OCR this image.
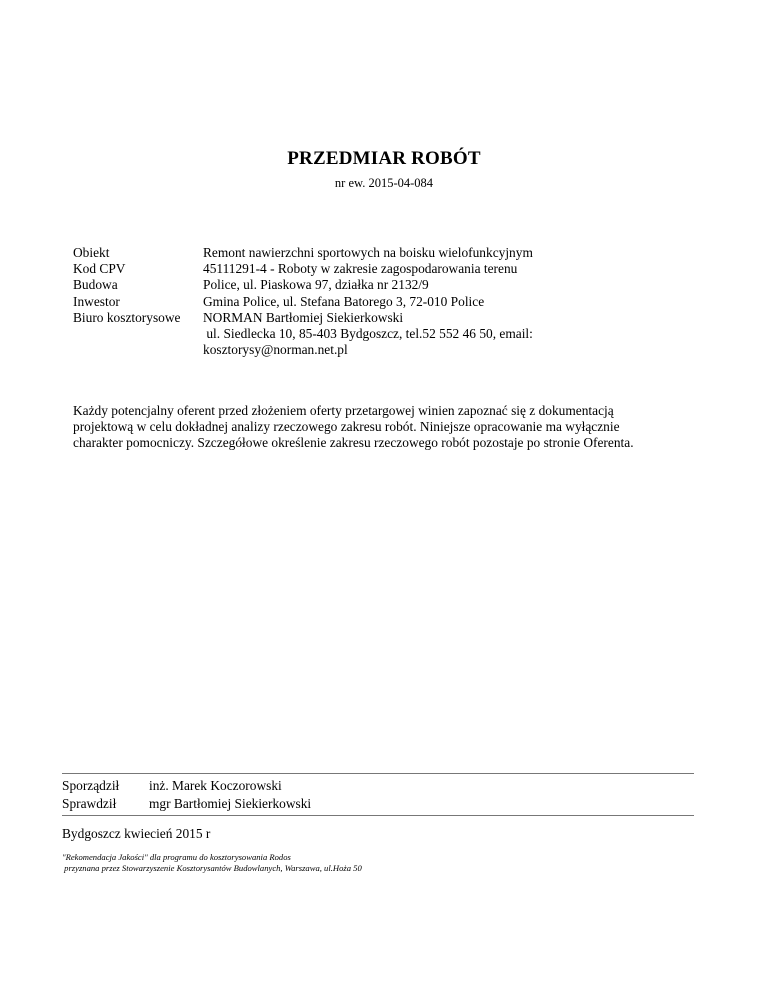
PRZEDMIAR ROBÓT
nr ew. 2015-04-084
Obiekt	Remont nawierzchni sportowych na boisku wielofunkcyjnym
Kod CPV	45111291-4 - Roboty w zakresie zagospodarowania terenu
Budowa	Police, ul. Piaskowa 97, działka nr 2132/9
Inwestor	Gmina Police, ul. Stefana Batorego 3, 72-010 Police
Biuro kosztorysowe	NORMAN Bartłomiej Siekierkowski
ul. Siedlecka 10, 85-403 Bydgoszcz, tel.52 552 46 50, email:
kosztorysy@norman.net.pl
Każdy potencjalny oferent przed złożeniem oferty przetargowej winien zapoznać się z dokumentacją
projektową w celu dokładnej analizy rzeczowego zakresu robót. Niniejsze opracowanie ma wyłącznie
charakter pomocniczy. Szczegółowe określenie zakresu rzeczowego robót pozostaje po stronie Oferenta.
Sporządził inż. Marek Koczorowski
Sprawdził mgr Bartłomiej Siekierkowski
Bydgoszcz kwiecień 2015 r
"Rekomendacja Jakości" dla programu do kosztorysowania Rodos
przyznana przez Stowarzyszenie Kosztorysantów Budowlanych, Warszawa, ul.Hoża 50
